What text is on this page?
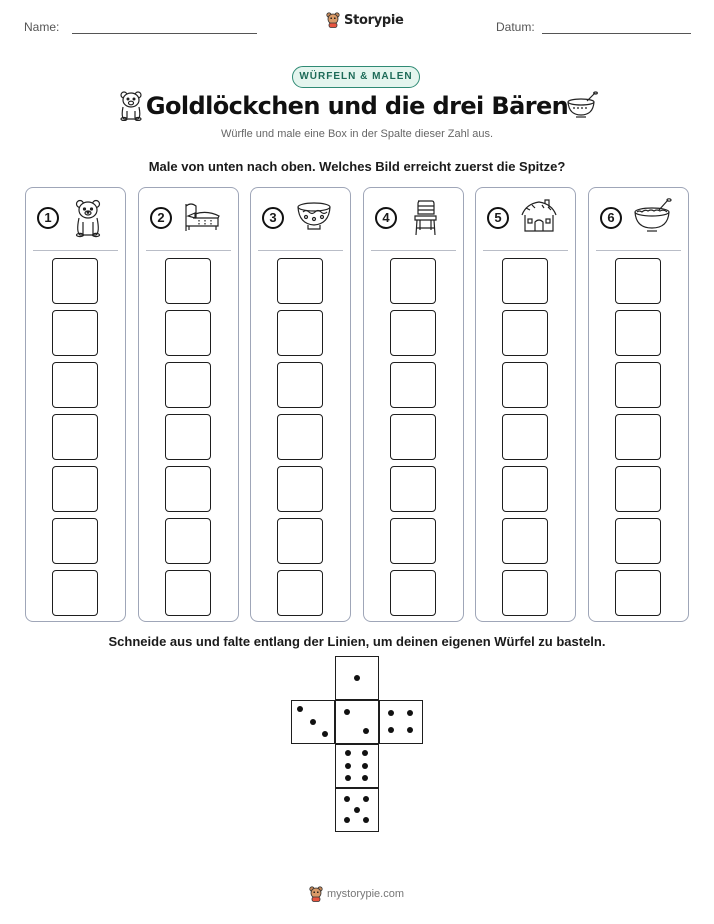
Name:	Storypie	Datum:
WÜRFELN & MALEN
Goldlöckchen und die drei Bären
Würfle und male eine Box in der Spalte dieser Zahl aus.
Male von unten nach oben. Welches Bild erreicht zuerst die Spitze?
1	2	3	4	5	6
Schneide aus und falte entlang der Linien, um deinen eigenen Würfel zu basteln.
mystorypie.com
